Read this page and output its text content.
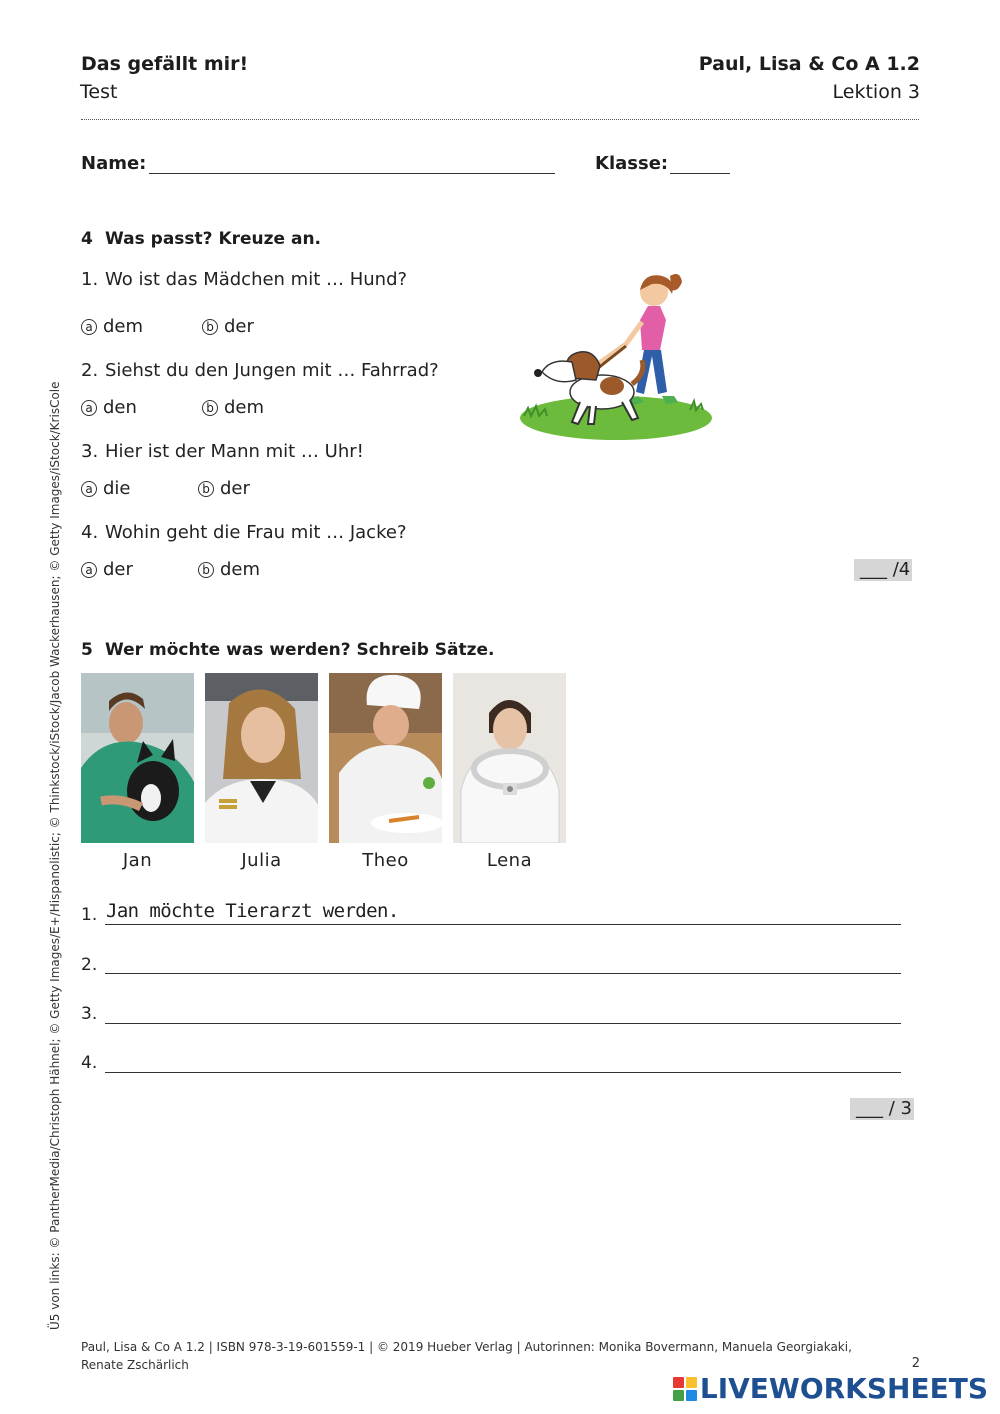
Das gefällt mir!
Test
Paul, Lisa & Co A 1.2
Lektion 3
Name:	Klasse:
4 Was passt? Kreuze an.
1. Wo ist das Mädchen mit … Hund?
a dem	b der
2. Siehst du den Jungen mit … Fahrrad?
a den	b dem
3. Hier ist der Mann mit … Uhr!
a die	b der
4. Wohin geht die Frau mit … Jacke?
a der	b dem	___ /4
5 Wer möchte was werden? Schreib Sätze.
Jan	Julia	Theo	Lena
1. Jan möchte Tierarzt werden.
2.
3.
4.
___ / 3
Ü5 von links: © PantherMedia/Christoph Hähnel; © Getty Images/E+/Hispanolistic; © Thinkstock/iStock/Jacob Wackerhausen; © Getty Images/iStock/KrisCole
Paul, Lisa & Co A 1.2 | ISBN 978-3-19-601559-1 | © 2019 Hueber Verlag | Autorinnen: Monika Bovermann, Manuela Georgiakaki,
Renate Zschärlich	2
LIVEWORKSHEETS
